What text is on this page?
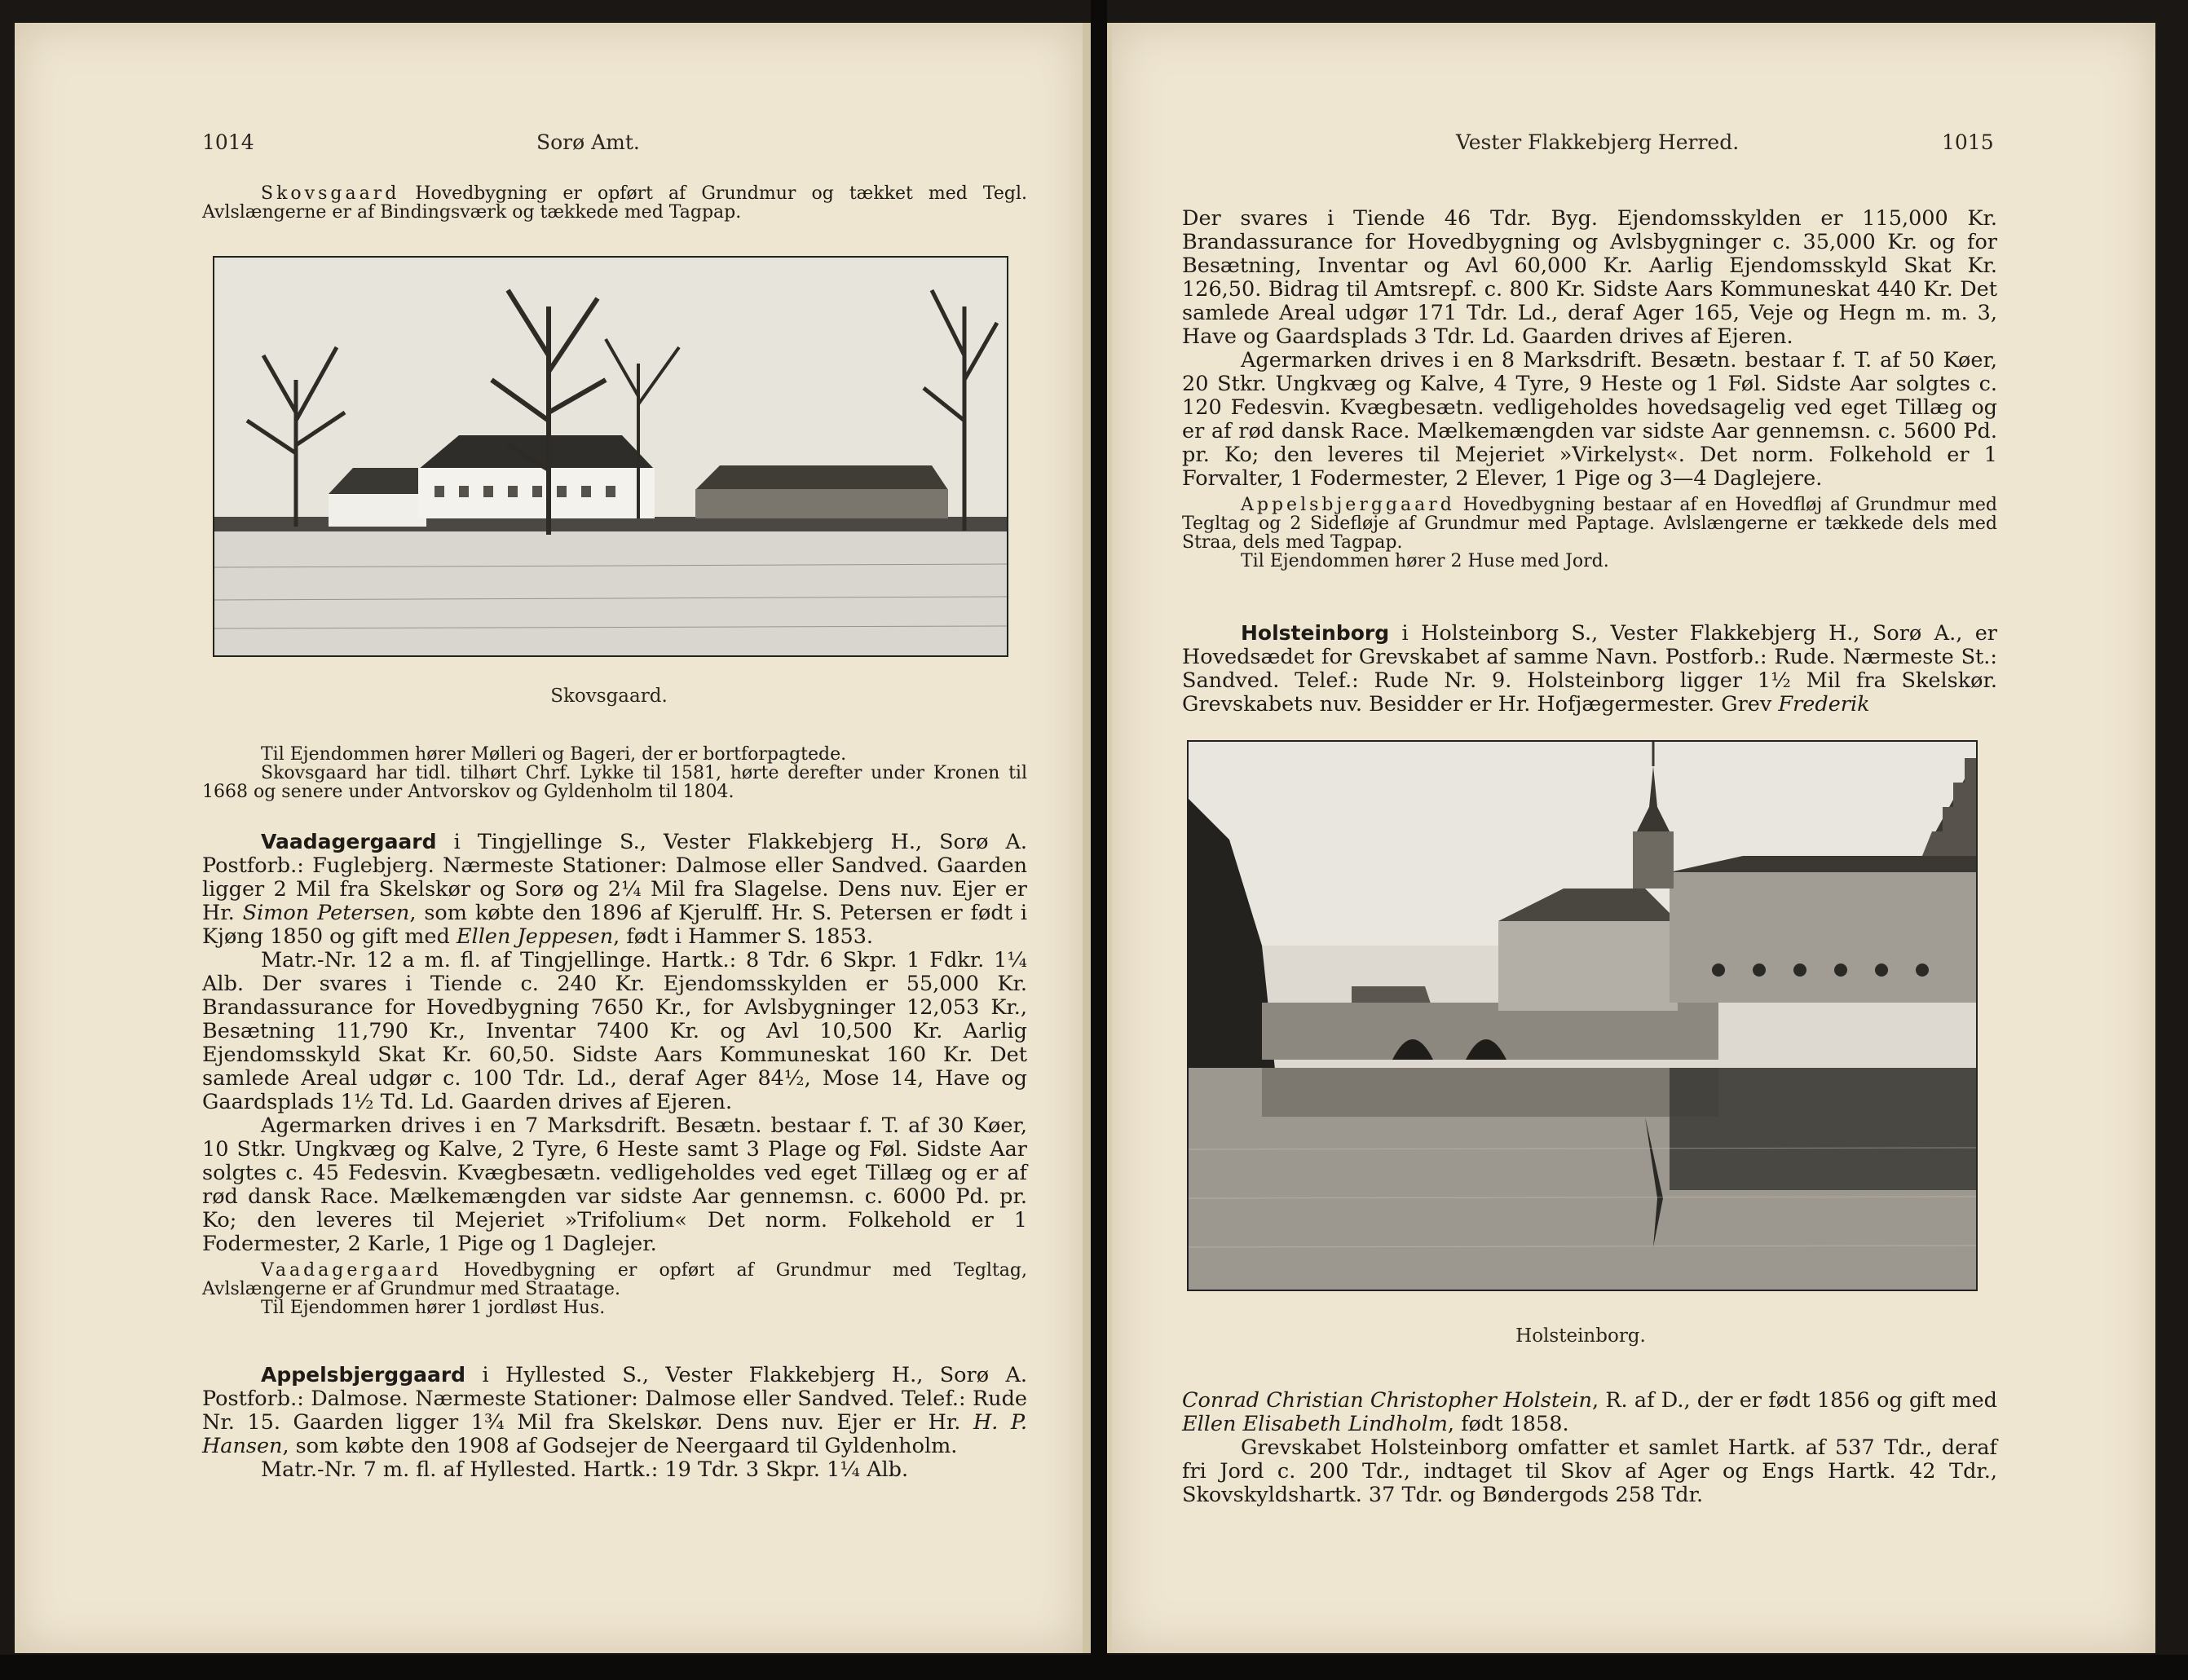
1014	Sorø Amt.

Skovsgaard Hovedbygning er opført af Grundmur og tækket med Tegl. Avlslængerne er af Bindingsværk og tækkede med Tagpap.

Skovsgaard.

Til Ejendommen hører Mølleri og Bageri, der er bortforpagtede.

Skovsgaard har tidl. tilhørt Chrf. Lykke til 1581, hørte derefter under Kronen til 1668 og senere under Antvorskov og Gyldenholm til 1804.

Vaadagergaard i Tingjellinge S., Vester Flakkebjerg H., Sorø A. Postforb.: Fuglebjerg. Nærmeste Stationer: Dalmose eller Sandved. Gaarden ligger 2 Mil fra Skelskør og Sorø og 2¼ Mil fra Slagelse. Dens nuv. Ejer er Hr. Simon Petersen, som købte den 1896 af Kjerulff. Hr. S. Petersen er født i Kjøng 1850 og gift med Ellen Jeppesen, født i Hammer S. 1853.

Matr.-Nr. 12 a m. fl. af Tingjellinge. Hartk.: 8 Tdr. 6 Skpr. 1 Fdkr. 1¼ Alb. Der svares i Tiende c. 240 Kr. Ejendomsskylden er 55,000 Kr. Brandassurance for Hovedbygning 7650 Kr., for Avlsbygninger 12,053 Kr., Besætning 11,790 Kr., Inventar 7400 Kr. og Avl 10,500 Kr. Aarlig Ejendomsskyld Skat Kr. 60,50. Sidste Aars Kommuneskat 160 Kr. Det samlede Areal udgør c. 100 Tdr. Ld., deraf Ager 84½, Mose 14, Have og Gaardsplads 1½ Td. Ld. Gaarden drives af Ejeren.

Agermarken drives i en 7 Marksdrift. Besætn. bestaar f. T. af 30 Køer, 10 Stkr. Ungkvæg og Kalve, 2 Tyre, 6 Heste samt 3 Plage og Føl. Sidste Aar solgtes c. 45 Fedesvin. Kvægbesætn. vedligeholdes ved eget Tillæg og er af rød dansk Race. Mælkemængden var sidste Aar gennemsn. c. 6000 Pd. pr. Ko; den leveres til Mejeriet »Trifolium« Det norm. Folkehold er 1 Fodermester, 2 Karle, 1 Pige og 1 Daglejer.

Vaadagergaard Hovedbygning er opført af Grundmur med Tegltag, Avlslængerne er af Grundmur med Straatage.

Til Ejendommen hører 1 jordløst Hus.

Appelsbjerggaard i Hyllested S., Vester Flakkebjerg H., Sorø A. Postforb.: Dalmose. Nærmeste Stationer: Dalmose eller Sandved. Telef.: Rude Nr. 15. Gaarden ligger 1¾ Mil fra Skelskør. Dens nuv. Ejer er Hr. H. P. Hansen, som købte den 1908 af Godsejer de Neergaard til Gyldenholm.

Matr.-Nr. 7 m. fl. af Hyllested. Hartk.: 19 Tdr. 3 Skpr. 1¼ Alb.

Vester Flakkebjerg Herred.	1015

Der svares i Tiende 46 Tdr. Byg. Ejendomsskylden er 115,000 Kr. Brandassurance for Hovedbygning og Avlsbygninger c. 35,000 Kr. og for Besætning, Inventar og Avl 60,000 Kr. Aarlig Ejendomsskyld Skat Kr. 126,50. Bidrag til Amtsrepf. c. 800 Kr. Sidste Aars Kommuneskat 440 Kr. Det samlede Areal udgør 171 Tdr. Ld., deraf Ager 165, Veje og Hegn m. m. 3, Have og Gaardsplads 3 Tdr. Ld. Gaarden drives af Ejeren.

Agermarken drives i en 8 Marksdrift. Besætn. bestaar f. T. af 50 Køer, 20 Stkr. Ungkvæg og Kalve, 4 Tyre, 9 Heste og 1 Føl. Sidste Aar solgtes c. 120 Fedesvin. Kvægbesætn. vedligeholdes hovedsagelig ved eget Tillæg og er af rød dansk Race. Mælkemængden var sidste Aar gennemsn. c. 5600 Pd. pr. Ko; den leveres til Mejeriet »Virkelyst«. Det norm. Folkehold er 1 Forvalter, 1 Fodermester, 2 Elever, 1 Pige og 3—4 Daglejere.

Appelsbjerggaard Hovedbygning bestaar af en Hovedfløj af Grundmur med Tegltag og 2 Sidefløje af Grundmur med Paptage. Avlslængerne er tækkede dels med Straa, dels med Tagpap.

Til Ejendommen hører 2 Huse med Jord.

Holsteinborg i Holsteinborg S., Vester Flakkebjerg H., Sorø A., er Hovedsædet for Grevskabet af samme Navn. Postforb.: Rude. Nærmeste St.: Sandved. Telef.: Rude Nr. 9. Holsteinborg ligger 1½ Mil fra Skelskør. Grevskabets nuv. Besidder er Hr. Hofjægermester. Grev Frederik

Holsteinborg.

Conrad Christian Christopher Holstein, R. af D., der er født 1856 og gift med Ellen Elisabeth Lindholm, født 1858.

Grevskabet Holsteinborg omfatter et samlet Hartk. af 537 Tdr., deraf fri Jord c. 200 Tdr., indtaget til Skov af Ager og Engs Hartk. 42 Tdr., Skovskyldshartk. 37 Tdr. og Bøndergods 258 Tdr.
